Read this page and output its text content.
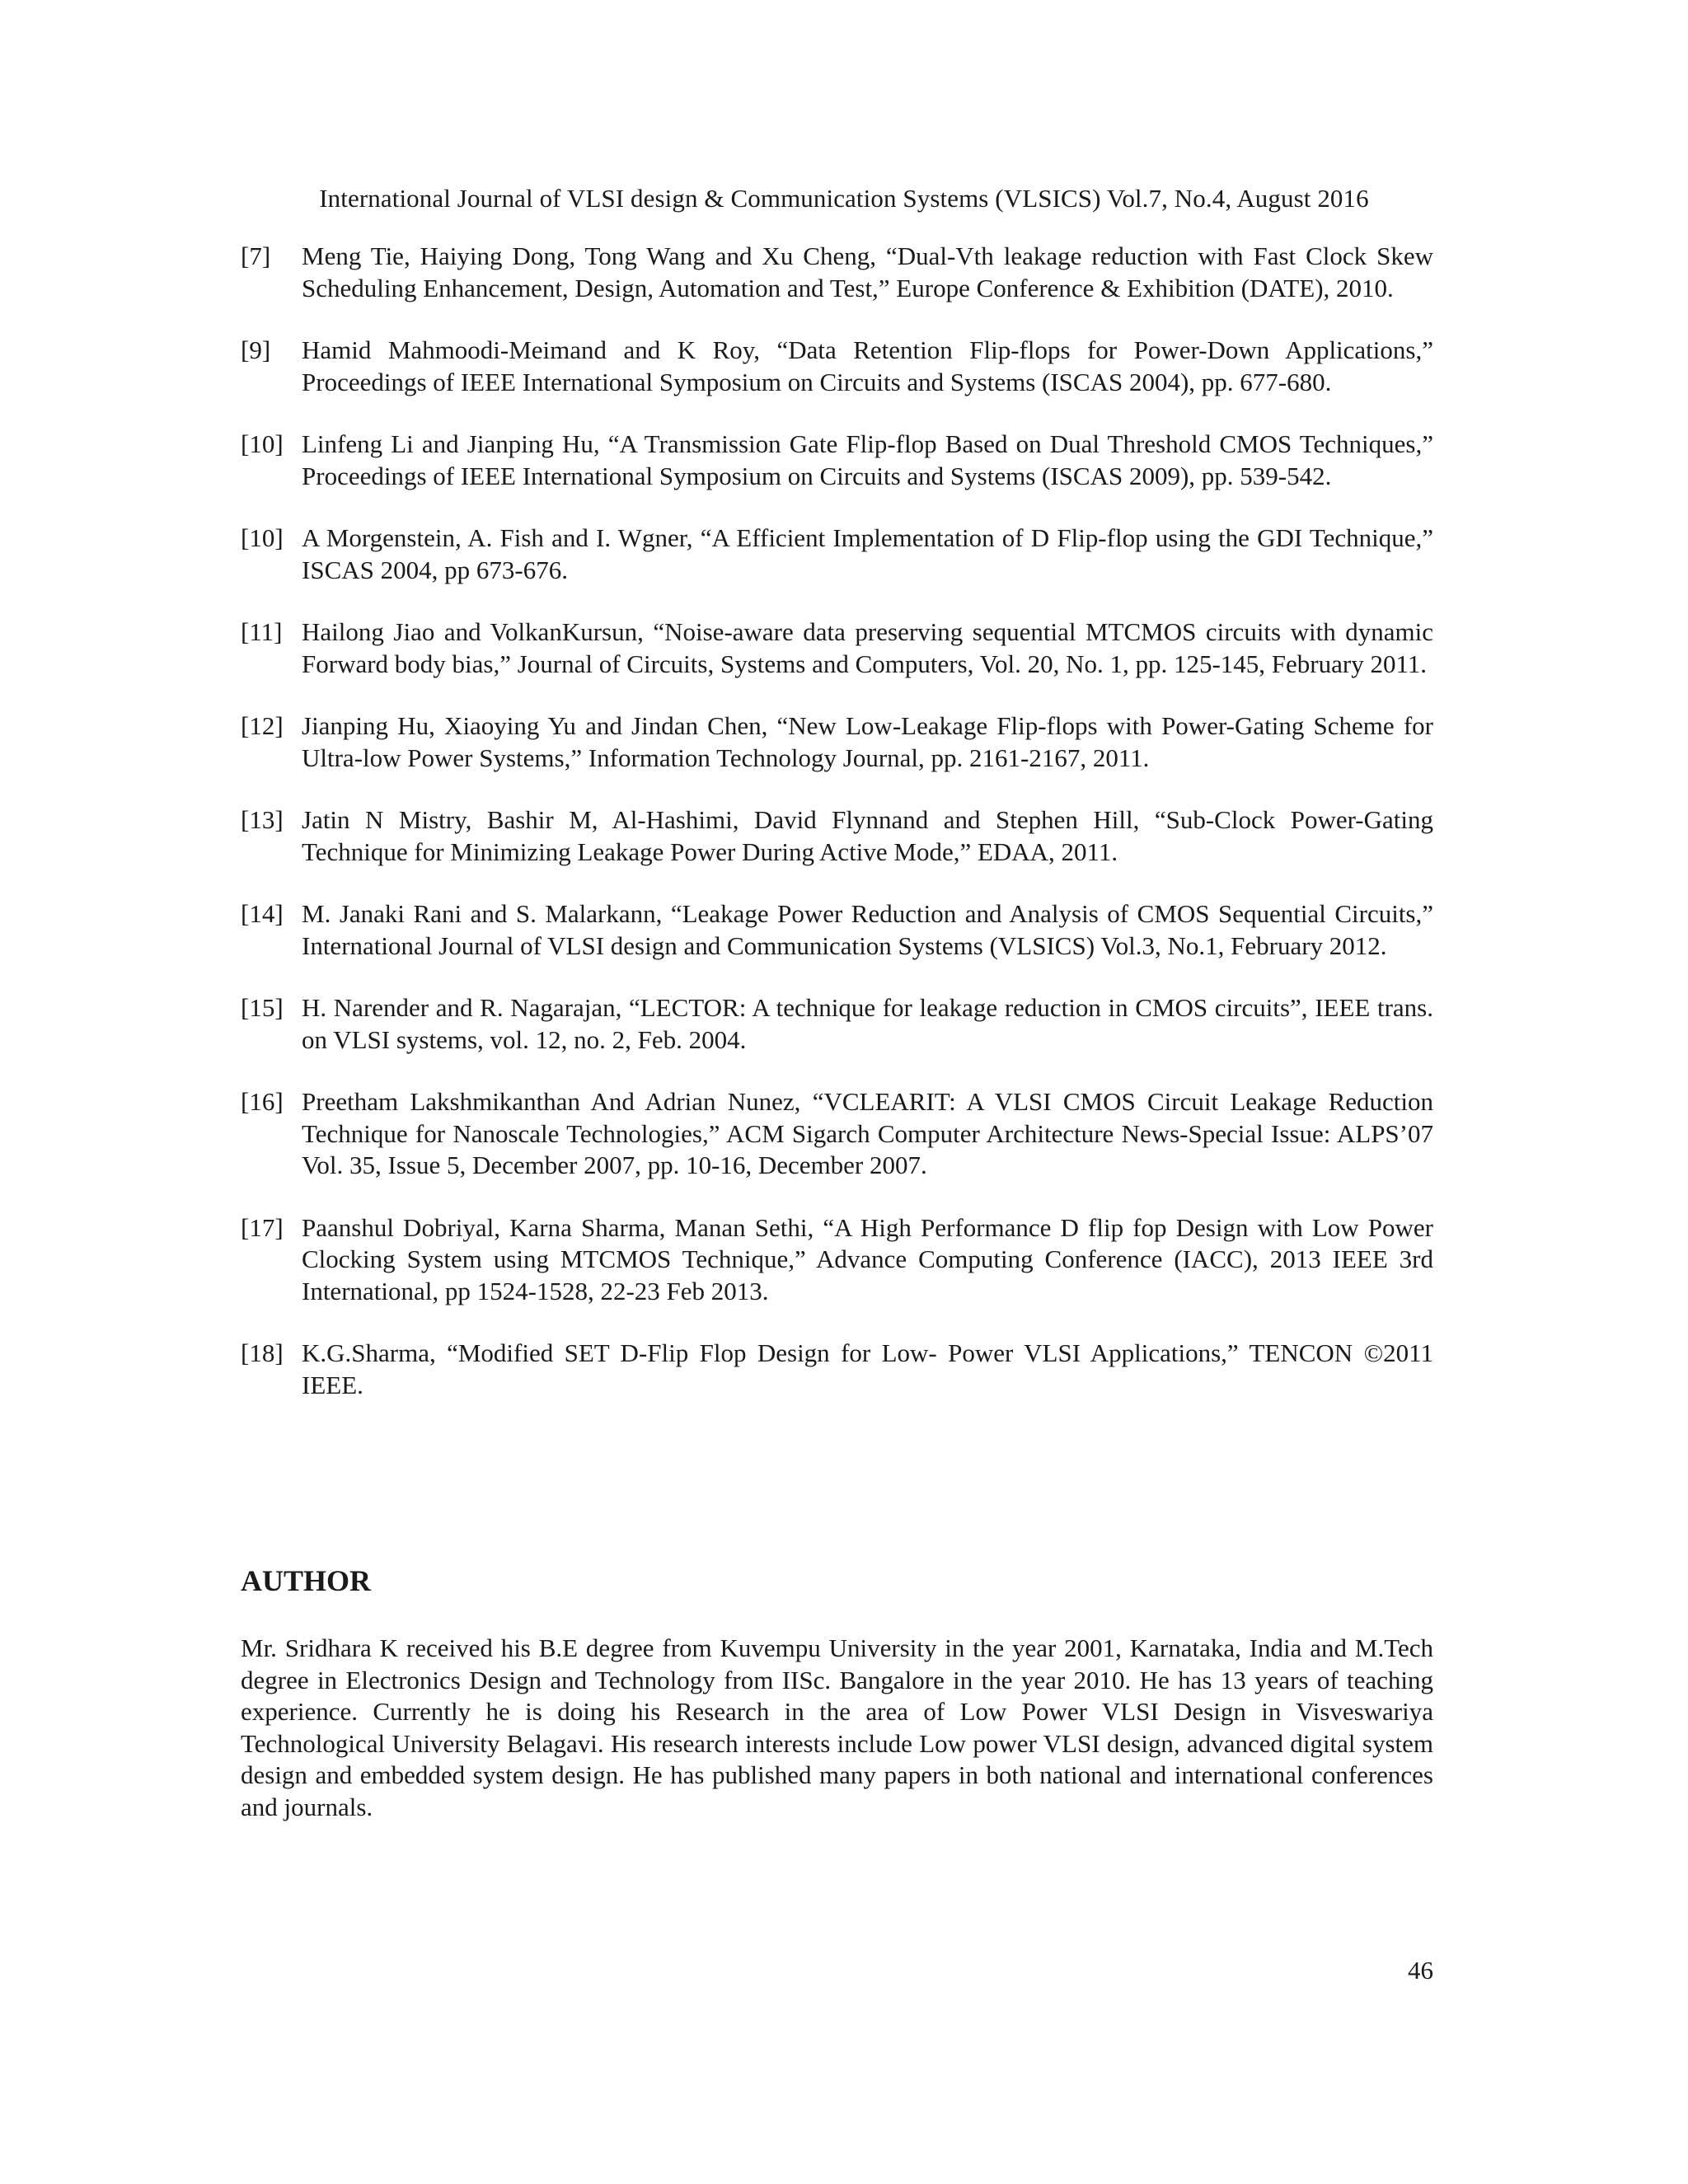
International Journal of VLSI design & Communication Systems (VLSICS) Vol.7, No.4, August 2016
[7] Meng Tie, Haiying Dong, Tong Wang and Xu Cheng, “Dual-Vth leakage reduction with Fast Clock Skew Scheduling Enhancement, Design, Automation and Test,” Europe Conference & Exhibition (DATE), 2010.
[9] Hamid Mahmoodi-Meimand and K Roy, “Data Retention Flip-flops for Power-Down Applications,” Proceedings of IEEE International Symposium on Circuits and Systems (ISCAS 2004), pp. 677-680.
[10] Linfeng Li and Jianping Hu, “A Transmission Gate Flip-flop Based on Dual Threshold CMOS Techniques,” Proceedings of IEEE International Symposium on Circuits and Systems (ISCAS 2009), pp. 539-542.
[10] A Morgenstein, A. Fish and I. Wgner, “A Efficient Implementation of D Flip-flop using the GDI Technique,” ISCAS 2004, pp 673-676.
[11] Hailong Jiao and VolkanKursun, “Noise-aware data preserving sequential MTCMOS circuits with dynamic Forward body bias,” Journal of Circuits, Systems and Computers, Vol. 20, No. 1, pp. 125-145, February 2011.
[12] Jianping Hu, Xiaoying Yu and Jindan Chen, “New Low-Leakage Flip-flops with Power-Gating Scheme for Ultra-low Power Systems,” Information Technology Journal, pp. 2161-2167, 2011.
[13] Jatin N Mistry, Bashir M, Al-Hashimi, David Flynnand and Stephen Hill, “Sub-Clock Power-Gating Technique for Minimizing Leakage Power During Active Mode,” EDAA, 2011.
[14] M. Janaki Rani and S. Malarkann, “Leakage Power Reduction and Analysis of CMOS Sequential Circuits,” International Journal of VLSI design and Communication Systems (VLSICS) Vol.3, No.1, February 2012.
[15] H. Narender and R. Nagarajan, “LECTOR: A technique for leakage reduction in CMOS circuits”, IEEE trans. on VLSI systems, vol. 12, no. 2, Feb. 2004.
[16] Preetham Lakshmikanthan And Adrian Nunez, “VCLEARIT: A VLSI CMOS Circuit Leakage Reduction Technique for Nanoscale Technologies,” ACM Sigarch Computer Architecture News-Special Issue: ALPS’07 Vol. 35, Issue 5, December 2007, pp. 10-16, December 2007.
[17] Paanshul Dobriyal, Karna Sharma, Manan Sethi, “A High Performance D flip fop Design with Low Power Clocking System using MTCMOS Technique,” Advance Computing Conference (IACC), 2013 IEEE 3rd International, pp 1524-1528, 22-23 Feb 2013.
[18] K.G.Sharma, “Modified SET D-Flip Flop Design for Low- Power VLSI Applications,” TENCON ©2011 IEEE.
AUTHOR

Mr. Sridhara K received his B.E degree from Kuvempu University in the year 2001, Karnataka, India and M.Tech degree in Electronics Design and Technology from IISc. Bangalore in the year 2010. He has 13 years of teaching experience. Currently he is doing his Research in the area of Low Power VLSI Design in Visveswariya Technological University Belagavi. His research interests include Low power VLSI design, advanced digital system design and embedded system design. He has published many papers in both national and international conferences and journals.

46
